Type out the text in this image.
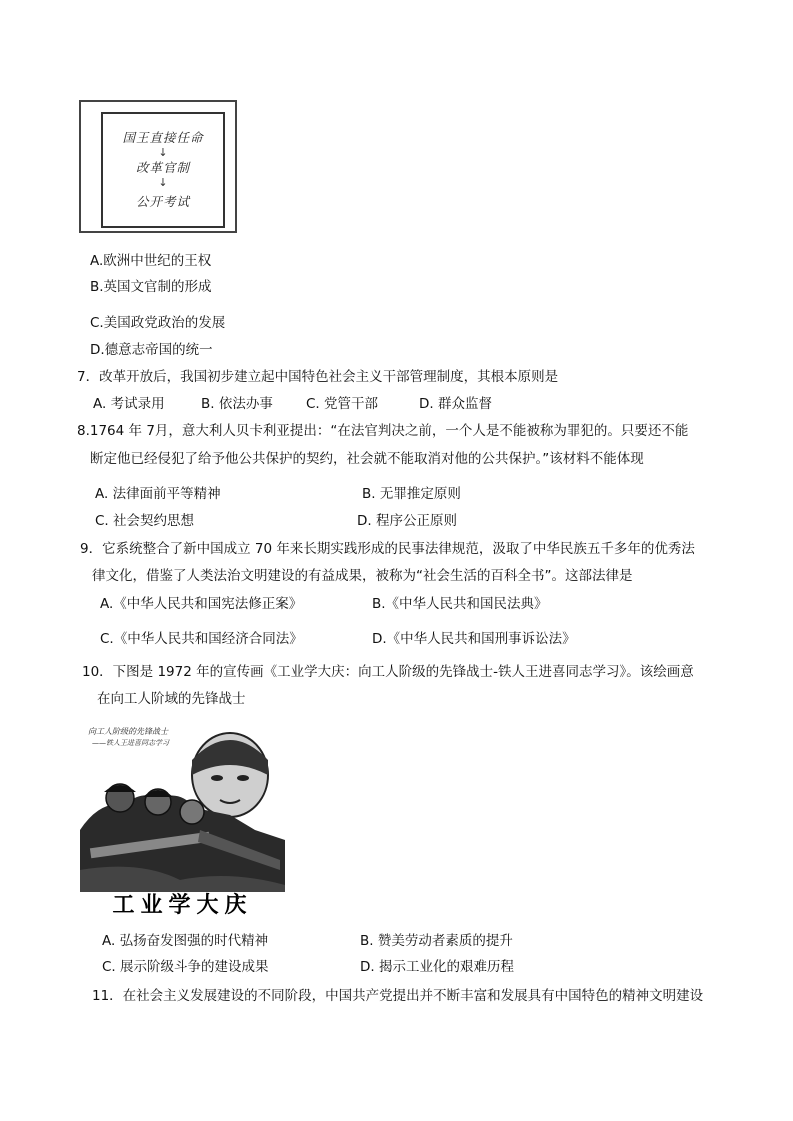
国王直接任命
↓
改革官制
↓
公开考试
A.欧洲中世纪的王权
B.英国文官制的形成
C.美国政党政治的发展
D.德意志帝国的统一
7．改革开放后，我国初步建立起中国特色社会主义干部管理制度，其根本原则是
A. 考试录用	B. 依法办事 C. 党管干部	D. 群众监督
8.1764 年 7月，意大利人贝卡利亚提出：“在法官判决之前，一个人是不能被称为罪犯的。只要还不能
断定他已经侵犯了给予他公共保护的契约，社会就不能取消对他的公共保护。”该材料不能体现
A. 法律面前平等精神	B. 无罪推定原则
C. 社会契约思想	D. 程序公正原则
9．它系统整合了新中国成立 70 年来长期实践形成的民事法律规范，汲取了中华民族五千多年的优秀法
律文化，借鉴了人类法治文明建设的有益成果，被称为“社会生活的百科全书”。这部法律是
C.《中华人民共和国经济合同法》	D.《中华人民共和国刑事诉讼法》
10．下图是 1972 年的宣传画《工业学大庆：向工人阶级的先锋战士-铁人王进喜同志学习》。该绘画意
在向工人阶域的先锋战士
向工人阶级的先锋战士
——铁人王进喜同志学习
工业学大庆
A. 弘扬奋发图强的时代精神	B. 赞美劳动者素质的提升
C. 展示阶级斗争的建设成果	D. 揭示工业化的艰难历程
11．在社会主义发展建设的不同阶段，中国共产党提出并不断丰富和发展具有中国特色的精神文明建设
A.《中华人民共和国宪法修正案》	B.《中华人民共和国民法典》
